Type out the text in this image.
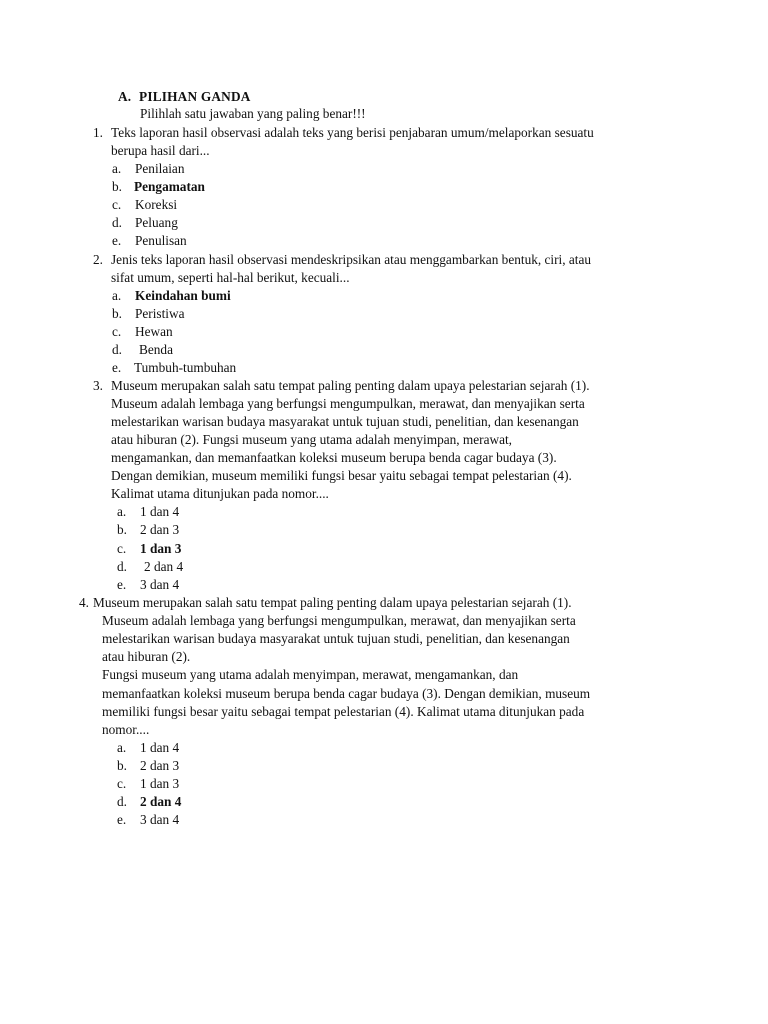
A. PILIHAN GANDA
Pilihlah satu jawaban yang paling benar!!!
1. Teks laporan hasil observasi adalah teks yang berisi penjabaran umum/melaporkan sesuatu
berupa hasil dari...
a. Penilaian
b. Pengamatan
c. Koreksi
d. Peluang
e. Penulisan
2. Jenis teks laporan hasil observasi mendeskripsikan atau menggambarkan bentuk, ciri, atau
sifat umum, seperti hal-hal berikut, kecuali...
a. Keindahan bumi
b. Peristiwa
c. Hewan
d. Benda
e. Tumbuh-tumbuhan
3. Museum merupakan salah satu tempat paling penting dalam upaya pelestarian sejarah (1).
Museum adalah lembaga yang berfungsi mengumpulkan, merawat, dan menyajikan serta
melestarikan warisan budaya masyarakat untuk tujuan studi, penelitian, dan kesenangan
atau hiburan (2). Fungsi museum yang utama adalah menyimpan, merawat,
mengamankan, dan memanfaatkan koleksi museum berupa benda cagar budaya (3).
Dengan demikian, museum memiliki fungsi besar yaitu sebagai tempat pelestarian (4).
Kalimat utama ditunjukan pada nomor....
a. 1 dan 4
b. 2 dan 3
c. 1 dan 3
d. 2 dan 4
e. 3 dan 4
4. Museum merupakan salah satu tempat paling penting dalam upaya pelestarian sejarah (1).
Museum adalah lembaga yang berfungsi mengumpulkan, merawat, dan menyajikan serta
melestarikan warisan budaya masyarakat untuk tujuan studi, penelitian, dan kesenangan
atau hiburan (2).
Fungsi museum yang utama adalah menyimpan, merawat, mengamankan, dan
memanfaatkan koleksi museum berupa benda cagar budaya (3). Dengan demikian, museum
memiliki fungsi besar yaitu sebagai tempat pelestarian (4). Kalimat utama ditunjukan pada
nomor....
a. 1 dan 4
b. 2 dan 3
c. 1 dan 3
d. 2 dan 4
e. 3 dan 4
